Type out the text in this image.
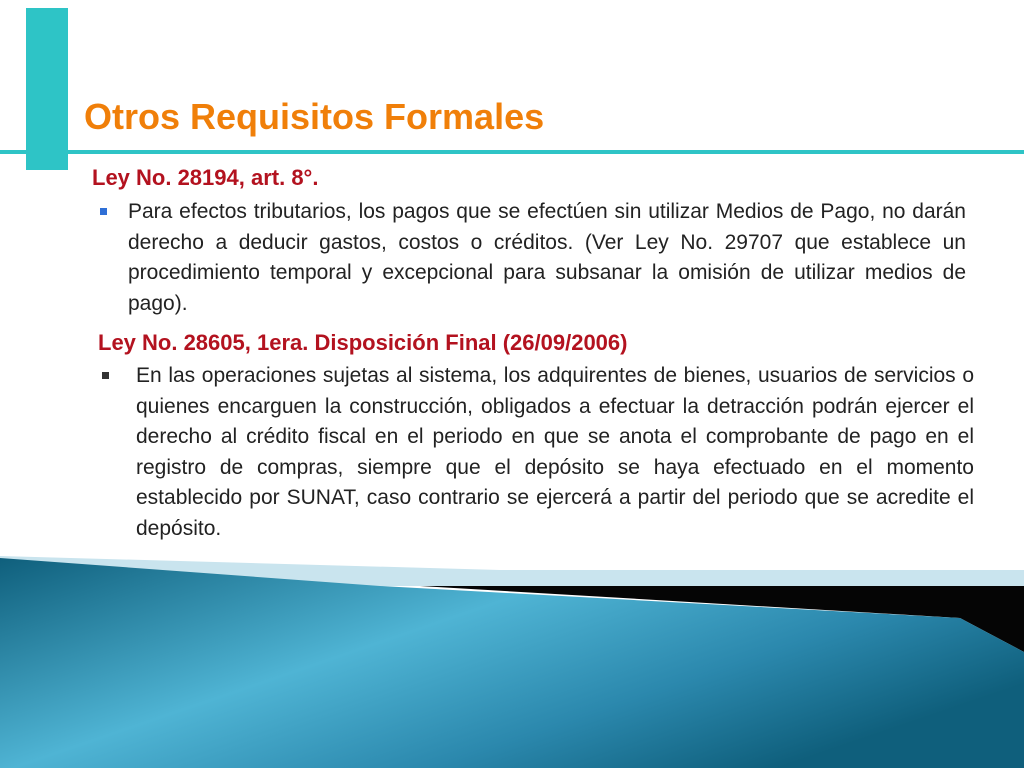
Otros Requisitos Formales
Ley No. 28194, art. 8°.
Para efectos tributarios, los pagos que se efectúen sin utilizar Medios de Pago, no darán derecho a deducir gastos, costos o créditos. (Ver Ley No. 29707 que establece un procedimiento temporal y excepcional para subsanar la omisión de utilizar medios de pago).
Ley No. 28605, 1era. Disposición Final (26/09/2006)
En las operaciones sujetas al sistema, los adquirentes de bienes, usuarios de servicios o quienes encarguen la construcción, obligados a efectuar la detracción podrán ejercer el derecho al crédito fiscal en el periodo en que se anota el comprobante de pago en el registro de compras, siempre que el depósito se haya efectuado en el momento establecido por SUNAT, caso contrario se ejercerá a partir del periodo que se acredite el depósito.
